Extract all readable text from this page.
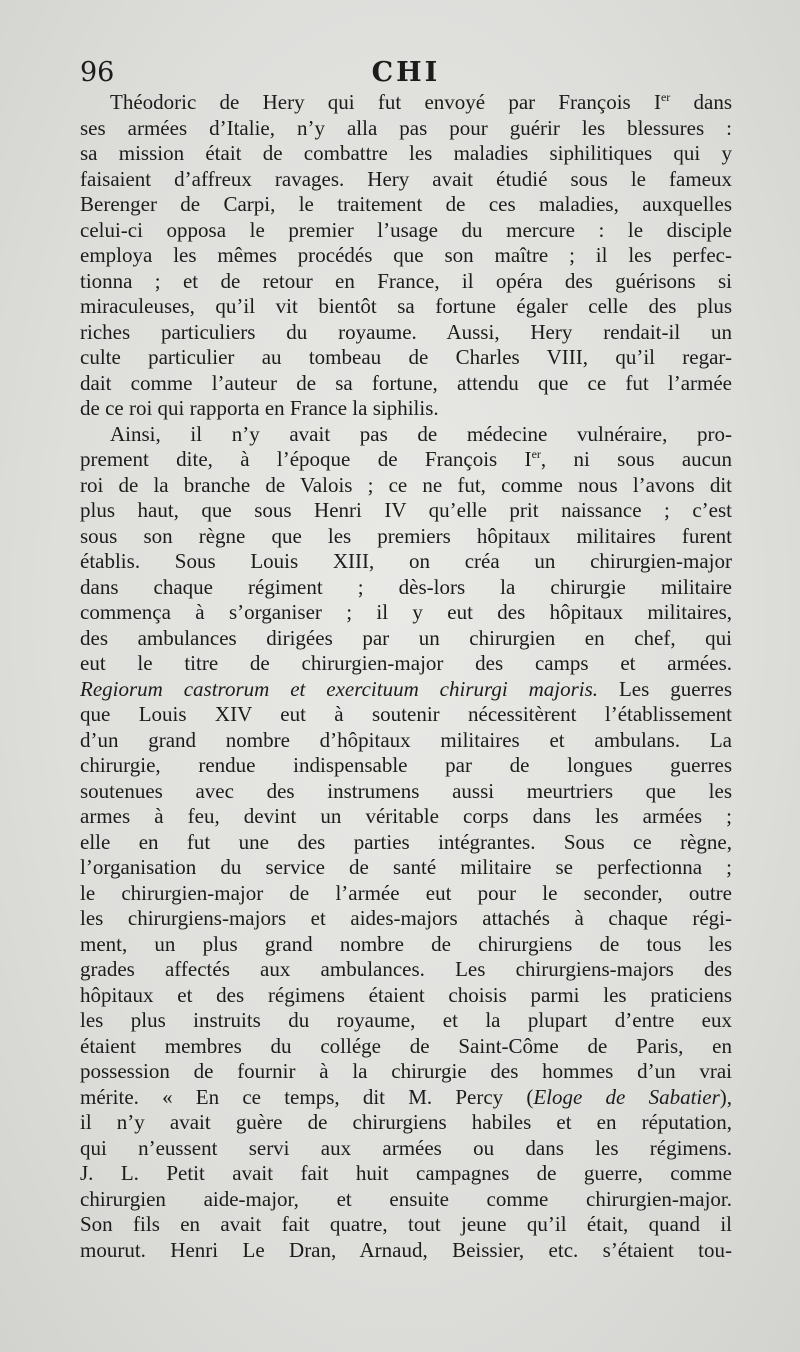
96	CHI
Théodoric de Hery qui fut envoyé par François Ier dans
ses armées d’Italie, n’y alla pas pour guérir les blessures :
sa mission était de combattre les maladies siphilitiques qui y
faisaient d’affreux ravages. Hery avait étudié sous le fameux
Berenger de Carpi, le traitement de ces maladies, auxquelles
celui-ci opposa le premier l’usage du mercure : le disciple
employa les mêmes procédés que son maître ; il les perfec-
tionna ; et de retour en France, il opéra des guérisons si
miraculeuses, qu’il vit bientôt sa fortune égaler celle des plus
riches particuliers du royaume. Aussi, Hery rendait-il un
culte particulier au tombeau de Charles VIII, qu’il regar-
dait comme l’auteur de sa fortune, attendu que ce fut l’armée
de ce roi qui rapporta en France la siphilis.
Ainsi, il n’y avait pas de médecine vulnéraire, pro-
prement dite, à l’époque de François Ier, ni sous aucun
roi de la branche de Valois ; ce ne fut, comme nous l’avons dit
plus haut, que sous Henri IV qu’elle prit naissance ; c’est
sous son règne que les premiers hôpitaux militaires furent
établis. Sous Louis XIII, on créa un chirurgien-major
dans chaque régiment ; dès-lors la chirurgie militaire
commença à s’organiser ; il y eut des hôpitaux militaires,
des ambulances dirigées par un chirurgien en chef, qui
eut le titre de chirurgien-major des camps et armées.
Regiorum castrorum et exercituum chirurgi majoris. Les guerres
que Louis XIV eut à soutenir nécessitèrent l’établissement
d’un grand nombre d’hôpitaux militaires et ambulans. La
chirurgie, rendue indispensable par de longues guerres
soutenues avec des instrumens aussi meurtriers que les
armes à feu, devint un véritable corps dans les armées ;
elle en fut une des parties intégrantes. Sous ce règne,
l’organisation du service de santé militaire se perfectionna ;
le chirurgien-major de l’armée eut pour le seconder, outre
les chirurgiens-majors et aides-majors attachés à chaque régi-
ment, un plus grand nombre de chirurgiens de tous les
grades affectés aux ambulances. Les chirurgiens-majors des
hôpitaux et des régimens étaient choisis parmi les praticiens
les plus instruits du royaume, et la plupart d’entre eux
étaient membres du collége de Saint-Côme de Paris, en
possession de fournir à la chirurgie des hommes d’un vrai
mérite. « En ce temps, dit M. Percy (Eloge de Sabatier),
il n’y avait guère de chirurgiens habiles et en réputation,
qui n’eussent servi aux armées ou dans les régimens.
J. L. Petit avait fait huit campagnes de guerre, comme
chirurgien aide-major, et ensuite comme chirurgien-major.
Son fils en avait fait quatre, tout jeune qu’il était, quand il
mourut. Henri Le Dran, Arnaud, Beissier, etc. s’étaient tou-
